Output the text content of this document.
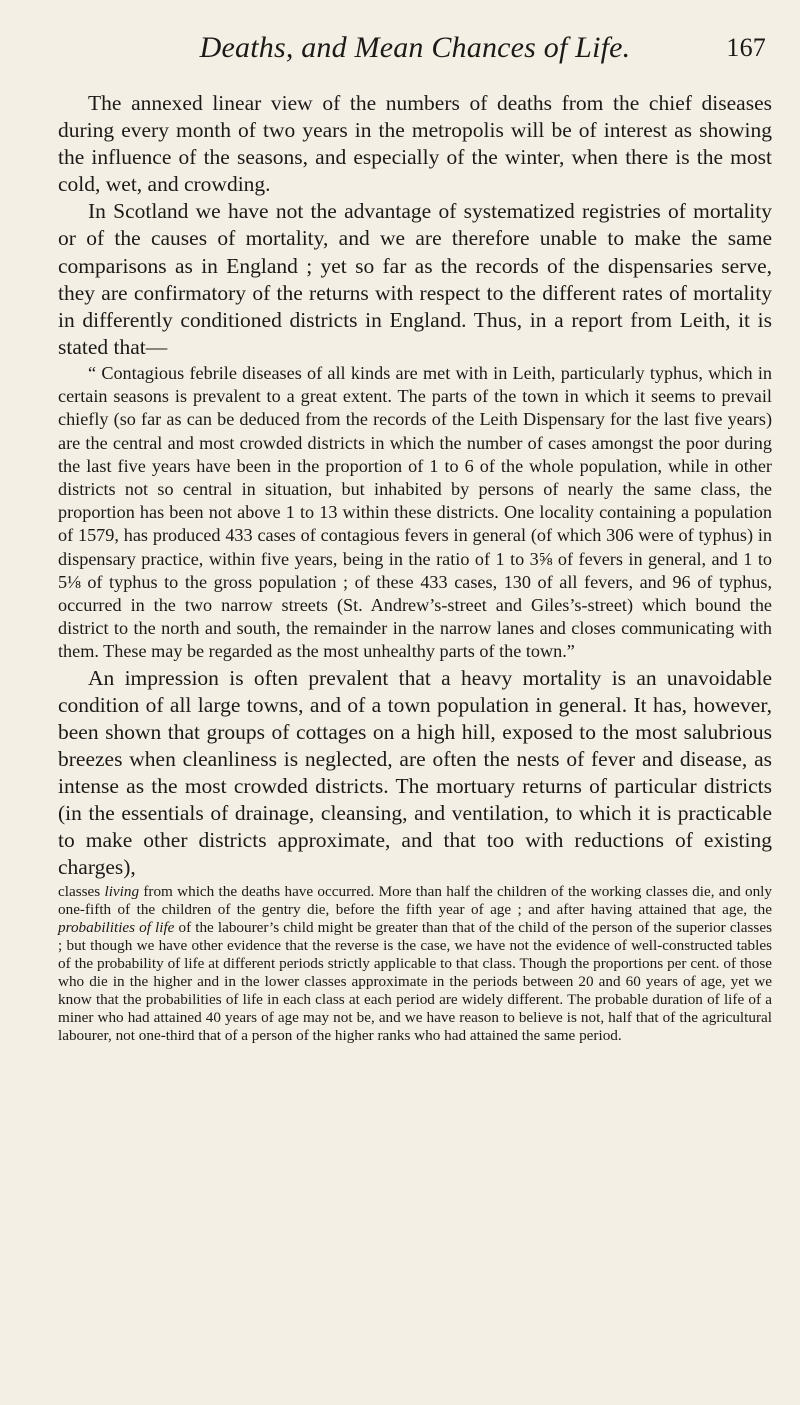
Deaths, and Mean Chances of Life.	167

The annexed linear view of the numbers of deaths from the chief diseases during every month of two years in the metropolis will be of interest as showing the influence of the seasons, and especially of the winter, when there is the most cold, wet, and crowding.

In Scotland we have not the advantage of systematized registries of mortality or of the causes of mortality, and we are therefore unable to make the same comparisons as in England ; yet so far as the records of the dispensaries serve, they are confirmatory of the returns with respect to the different rates of mortality in differently conditioned districts in England. Thus, in a report from Leith, it is stated that—

“ Contagious febrile diseases of all kinds are met with in Leith, particularly typhus, which in certain seasons is prevalent to a great extent. The parts of the town in which it seems to prevail chiefly (so far as can be deduced from the records of the Leith Dispensary for the last five years) are the central and most crowded districts in which the number of cases amongst the poor during the last five years have been in the proportion of 1 to 6 of the whole population, while in other districts not so central in situation, but inhabited by persons of nearly the same class, the proportion has been not above 1 to 13 within these districts. One locality containing a population of 1579, has produced 433 cases of contagious fevers in general (of which 306 were of typhus) in dispensary practice, within five years, being in the ratio of 1 to 3⅝ of fevers in general, and 1 to 5⅛ of typhus to the gross population ; of these 433 cases, 130 of all fevers, and 96 of typhus, occurred in the two narrow streets (St. Andrew’s-street and Giles’s-street) which bound the district to the north and south, the remainder in the narrow lanes and closes communicating with them. These may be regarded as the most unhealthy parts of the town.”

An impression is often prevalent that a heavy mortality is an unavoidable condition of all large towns, and of a town population in general. It has, however, been shown that groups of cottages on a high hill, exposed to the most salubrious breezes when cleanliness is neglected, are often the nests of fever and disease, as intense as the most crowded districts. The mortuary returns of particular districts (in the essentials of drainage, cleansing, and ventilation, to which it is practicable to make other districts approximate, and that too with reductions of existing charges),

classes living from which the deaths have occurred. More than half the children of the working classes die, and only one-fifth of the children of the gentry die, before the fifth year of age ; and after having attained that age, the probabilities of life of the labourer’s child might be greater than that of the child of the person of the superior classes ; but though we have other evidence that the reverse is the case, we have not the evidence of well-constructed tables of the probability of life at different periods strictly applicable to that class. Though the proportions per cent. of those who die in the higher and in the lower classes approximate in the periods between 20 and 60 years of age, yet we know that the probabilities of life in each class at each period are widely different. The probable duration of life of a miner who had attained 40 years of age may not be, and we have reason to believe is not, half that of the agricultural labourer, not one-third that of a person of the higher ranks who had attained the same period.
